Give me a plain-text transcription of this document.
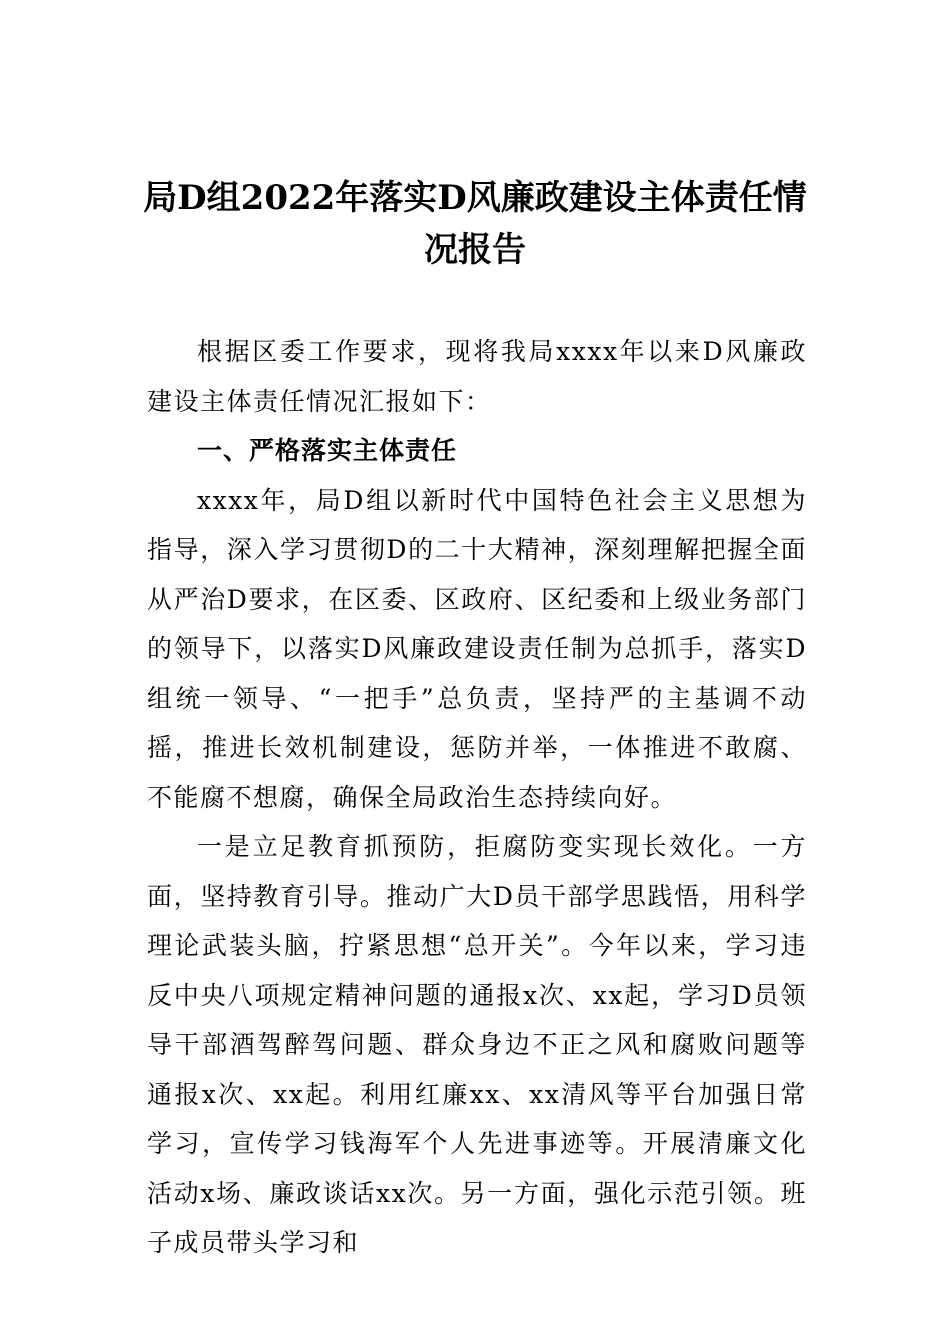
局D组2022年落实D风廉政建设主体责任情况报告

根据区委工作要求，现将我局xxxx年以来D风廉政建设主体责任情况汇报如下：

一、严格落实主体责任

xxxx年，局D组以新时代中国特色社会主义思想为指导，深入学习贯彻D的二十大精神，深刻理解把握全面从严治D要求，在区委、区政府、区纪委和上级业务部门的领导下，以落实D风廉政建设责任制为总抓手，落实D组统一领导、“一把手”总负责，坚持严的主基调不动摇，推进长效机制建设，惩防并举，一体推进不敢腐、不能腐不想腐，确保全局政治生态持续向好。

一是立足教育抓预防，拒腐防变实现长效化。一方面，坚持教育引导。推动广大D员干部学思践悟，用科学理论武装头脑，拧紧思想“总开关”。今年以来，学习违反中央八项规定精神问题的通报x次、xx起，学习D员领导干部酒驾醉驾问题、群众身边不正之风和腐败问题等通报x次、xx起。利用红廉xx、xx清风等平台加强日常学习，宣传学习钱海军个人先进事迹等。开展清廉文化活动x场、廉政谈话xx次。另一方面，强化示范引领。班子成员带头学习和
